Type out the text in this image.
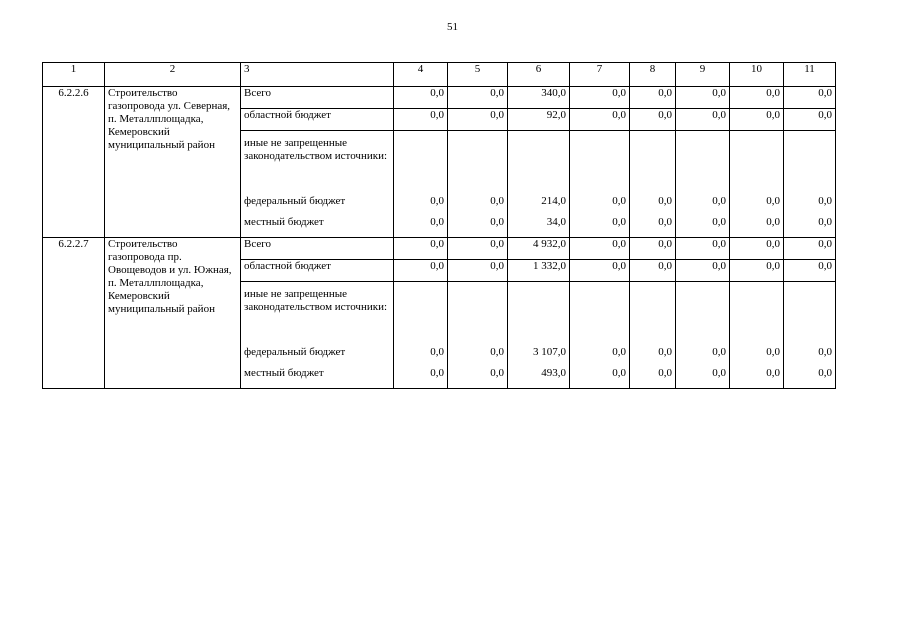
51
1	2	3	4	5	6	7	8	9	10	11
6.2.2.6	Строительство газопровода ул. Северная, п. Металлплощадка, Кемеровский муниципальный район	Всего	0,0	0,0	340,0	0,0	0,0	0,0	0,0	0,0
		областной бюджет	0,0	0,0	92,0	0,0	0,0	0,0	0,0	0,0
		иные не запрещенные законодательством источники:								
		федеральный бюджет	0,0	0,0	214,0	0,0	0,0	0,0	0,0	0,0
		местный бюджет	0,0	0,0	34,0	0,0	0,0	0,0	0,0	0,0
6.2.2.7	Строительство газопровода пр. Овощеводов и ул. Южная, п. Металлплощадка, Кемеровский муниципальный район	Всего	0,0	0,0	4 932,0	0,0	0,0	0,0	0,0	0,0
		областной бюджет	0,0	0,0	1 332,0	0,0	0,0	0,0	0,0	0,0
		иные не запрещенные законодательством источники:								
		федеральный бюджет	0,0	0,0	3 107,0	0,0	0,0	0,0	0,0	0,0
		местный бюджет	0,0	0,0	493,0	0,0	0,0	0,0	0,0	0,0
